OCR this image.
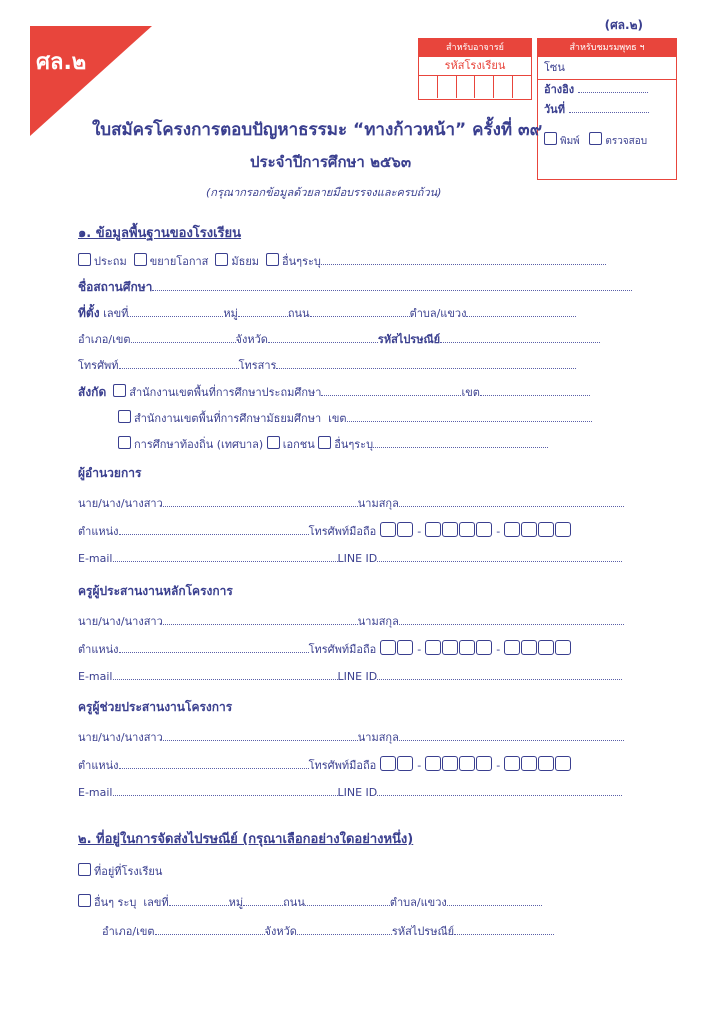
ศล.๒
(ศล.๒)
สำหรับอาจารย์
รหัสโรงเรียน
สำหรับชมรมพุทธ ฯ
โซน
อ้างอิง
วันที่
พิมพ์	ตรวจสอบ
ใบสมัครโครงการตอบปัญหาธรรมะ “ทางก้าวหน้า” ครั้งที่ ๓๙
ประจำปีการศึกษา ๒๕๖๓
(กรุณากรอกข้อมูลด้วยลายมือบรรจงและครบถ้วน)
๑. ข้อมูลพื้นฐานของโรงเรียน
ประถม ขยายโอกาส มัธยม อื่นๆระบุ
ชื่อสถานศึกษา
ที่ตั้ง เลขที่	หมู่	ถนน	ตำบล/แขวง
อำเภอ/เขต	จังหวัด	รหัสไปรษณีย์
โทรศัพท์	โทรสาร
สังกัด สำนักงานเขตพื้นที่การศึกษาประถมศึกษา	เขต
สำนักงานเขตพื้นที่การศึกษามัธยมศึกษา เขต
การศึกษาท้องถิ่น (เทศบาล) เอกชน อื่นๆระบุ
ผู้อำนวยการ
นาย/นาง/นางสาว	นามสกุล
ตำแหน่ง	โทรศัพท์มือถือ	-	-
E-mail	LINE ID
ครูผู้ประสานงานหลักโครงการ
นาย/นาง/นางสาว	นามสกุล
ตำแหน่ง	โทรศัพท์มือถือ	-	-
E-mail	LINE ID
ครูผู้ช่วยประสานงานโครงการ
นาย/นาง/นางสาว	นามสกุล
ตำแหน่ง	โทรศัพท์มือถือ	-	-
E-mail	LINE ID
๒. ที่อยู่ในการจัดส่งไปรษณีย์ (กรุณาเลือกอย่างใดอย่างหนึ่ง)
ที่อยู่ที่โรงเรียน
อื่นๆ ระบุ เลขที่	หมู่	ถนน	ตำบล/แขวง
อำเภอ/เขต	จังหวัด	รหัสไปรษณีย์
